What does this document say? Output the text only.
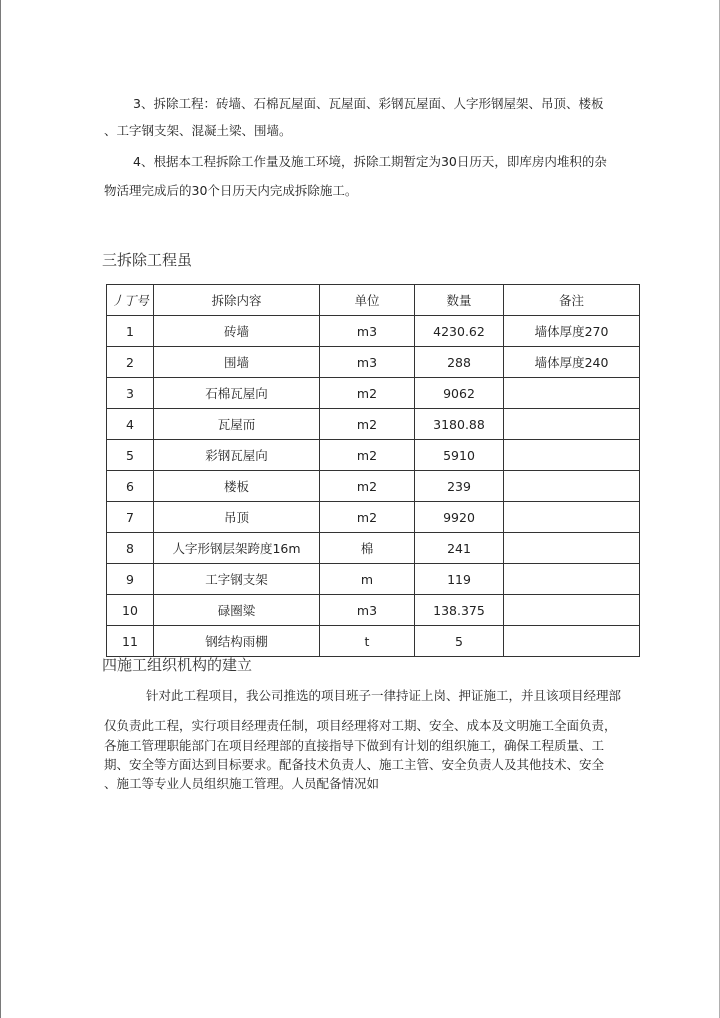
3、拆除工程：砖墙、石棉瓦屋面、瓦屋面、彩钢瓦屋面、人字形钢屋架、吊顶、楼板
、工字钢支架、混凝土梁、围墙。
4、根据本工程拆除工作量及施工环境，拆除工期暂定为30日历天，即库房内堆积的杂
物活理完成后的30个日历天内完成拆除施工。
三拆除工程虽
丿丁号	拆除内容	单位	数量	备注
1	砖墙	m3	4230.62	墙体厚度270
2	围墙	m3	288	墙体厚度240
3	石棉瓦屋向	m2	9062	
4	瓦屋而	m2	3180.88	
5	彩钢瓦屋向	m2	5910	
6	楼板	m2	239	
7	吊顶	m2	9920	
8	人字形钢层架跨度16m	棉	241	
9	工字钢支架	m	119	
10	碌圈粱	m3	138.375	
11	钢结构雨棚	t	5	
四施工组织机构的建立
针对此工程项目，我公司推选的项目班子一律持证上岗、押证施工，并且该项目经理部
仅负责此工程，实行项目经理责任制，项目经理将对工期、安全、成本及文明施工全面负责，
各施工管理职能部门在项目经理部的直接指导下做到有计划的组织施工，确保工程质量、工
期、安全等方面达到目标要求。配备技术负责人、施工主管、安全负责人及其他技术、安全
、施工等专业人员组织施工管理。人员配备情况如
